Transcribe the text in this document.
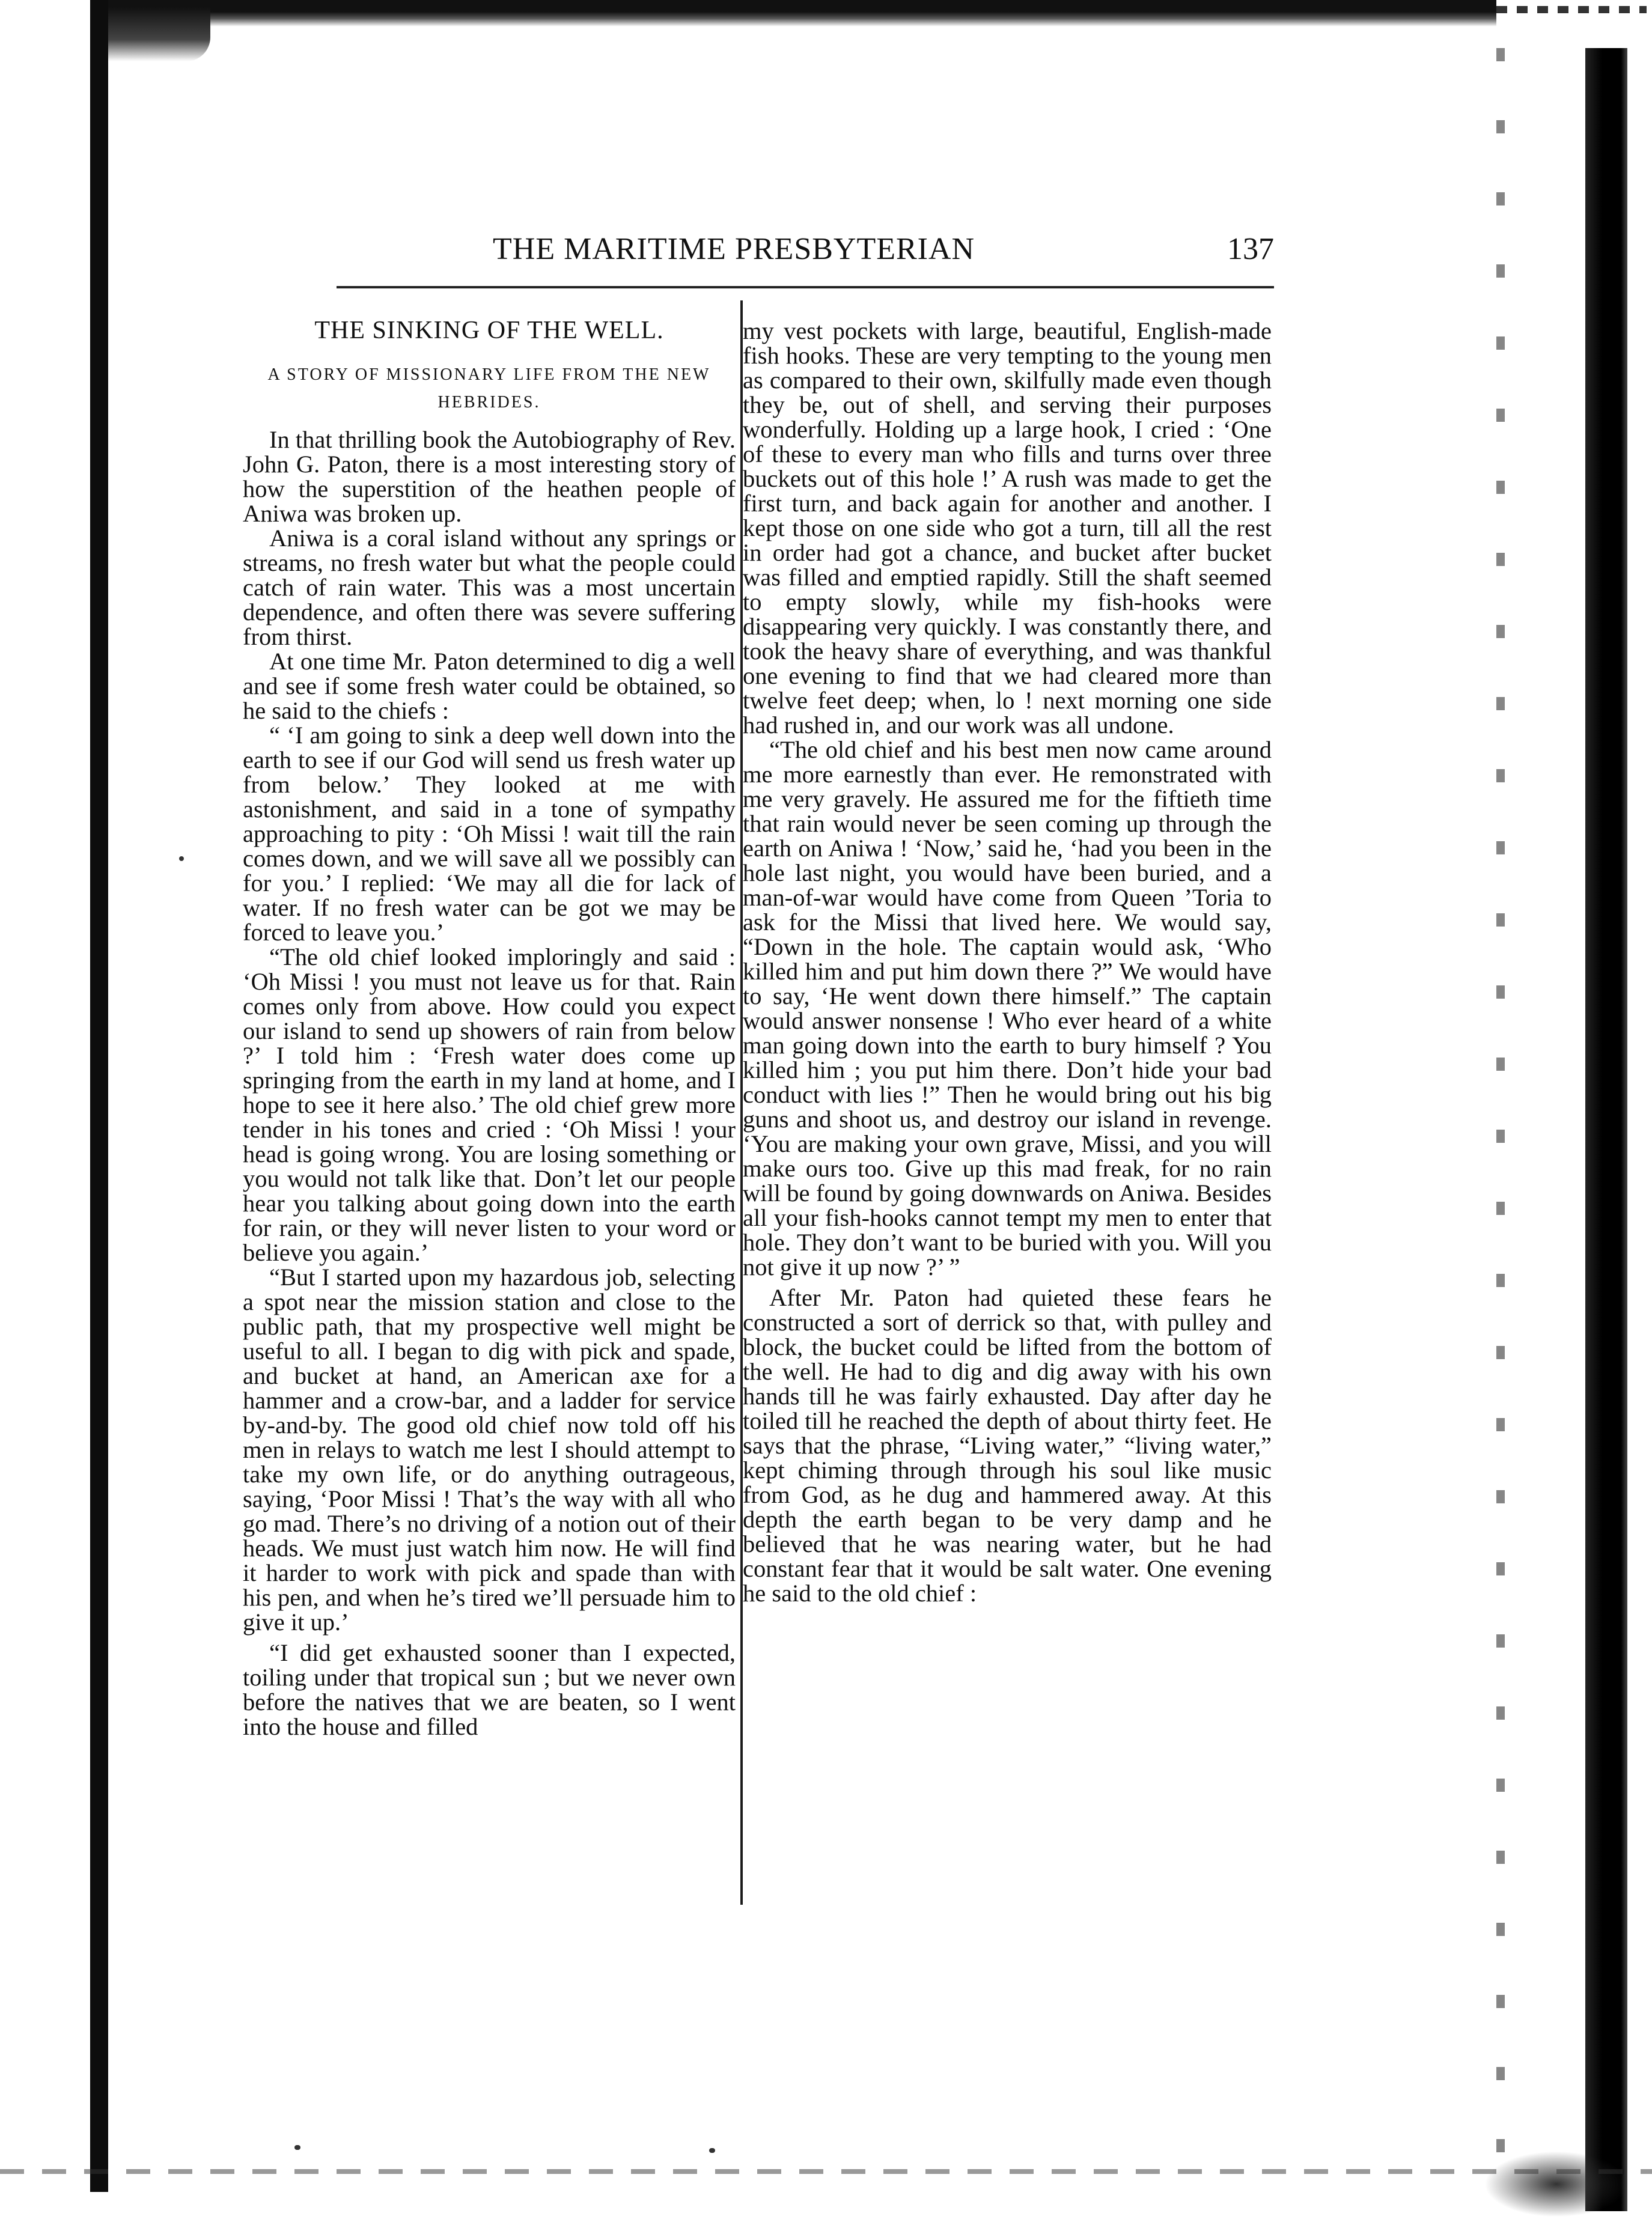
THE MARITIME PRESBYTERIAN	137

THE SINKING OF THE WELL.

A STORY OF MISSIONARY LIFE FROM THE NEW HEBRIDES.

In that thrilling book the Autobiography of Rev. John G. Paton, there is a most interesting story of how the superstition of the heathen people of Aniwa was broken up.

Aniwa is a coral island without any springs or streams, no fresh water but what the people could catch of rain water. This was a most uncertain dependence, and often there was severe suffering from thirst.

At one time Mr. Paton determined to dig a well and see if some fresh water could be obtained, so he said to the chiefs :

“ ‘I am going to sink a deep well down into the earth to see if our God will send us fresh water up from below.’ They looked at me with astonishment, and said in a tone of sympathy approaching to pity : ‘Oh Missi ! wait till the rain comes down, and we will save all we possibly can for you.’ I replied: ‘We may all die for lack of water. If no fresh water can be got we may be forced to leave you.’

“The old chief looked imploringly and said : ‘Oh Missi ! you must not leave us for that. Rain comes only from above. How could you expect our island to send up showers of rain from below ?’ I told him : ‘Fresh water does come up springing from the earth in my land at home, and I hope to see it here also.’ The old chief grew more tender in his tones and cried : ‘Oh Missi ! your head is going wrong. You are losing something or you would not talk like that. Don’t let our people hear you talking about going down into the earth for rain, or they will never listen to your word or believe you again.’

“But I started upon my hazardous job, selecting a spot near the mission station and close to the public path, that my prospective well might be useful to all. I began to dig with pick and spade, and bucket at hand, an American axe for a hammer and a crow-bar, and a ladder for service by-and-by. The good old chief now told off his men in relays to watch me lest I should attempt to take my own life, or do anything outrageous, saying, ‘Poor Missi ! That’s the way with all who go mad. There’s no driving of a notion out of their heads. We must just watch him now. He will find it harder to work with pick and spade than with his pen, and when he’s tired we’ll persuade him to give it up.’

“I did get exhausted sooner than I expected, toiling under that tropical sun ; but we never own before the natives that we are beaten, so I went into the house and filled

my vest pockets with large, beautiful, English-made fish hooks. These are very tempting to the young men as compared to their own, skilfully made even though they be, out of shell, and serving their purposes wonderfully. Holding up a large hook, I cried : ‘One of these to every man who fills and turns over three buckets out of this hole !’ A rush was made to get the first turn, and back again for another and another. I kept those on one side who got a turn, till all the rest in order had got a chance, and bucket after bucket was filled and emptied rapidly. Still the shaft seemed to empty slowly, while my fish-hooks were disappearing very quickly. I was constantly there, and took the heavy share of everything, and was thankful one evening to find that we had cleared more than twelve feet deep; when, lo ! next morning one side had rushed in, and our work was all undone.

“The old chief and his best men now came around me more earnestly than ever. He remonstrated with me very gravely. He assured me for the fiftieth time that rain would never be seen coming up through the earth on Aniwa ! ‘Now,’ said he, ‘had you been in the hole last night, you would have been buried, and a man-of-war would have come from Queen ’Toria to ask for the Missi that lived here. We would say, “Down in the hole. The captain would ask, ‘Who killed him and put him down there ?” We would have to say, ‘He went down there himself.” The captain would answer nonsense ! Who ever heard of a white man going down into the earth to bury himself ? You killed him ; you put him there. Don’t hide your bad conduct with lies !” Then he would bring out his big guns and shoot us, and destroy our island in revenge. ‘You are making your own grave, Missi, and you will make ours too. Give up this mad freak, for no rain will be found by going downwards on Aniwa. Besides all your fish-hooks cannot tempt my men to enter that hole. They don’t want to be buried with you. Will you not give it up now ?’ ”

After Mr. Paton had quieted these fears he constructed a sort of derrick so that, with pulley and block, the bucket could be lifted from the bottom of the well. He had to dig and dig away with his own hands till he was fairly exhausted. Day after day he toiled till he reached the depth of about thirty feet. He says that the phrase, “Living water,” “living water,” kept chiming through through his soul like music from God, as he dug and hammered away. At this depth the earth began to be very damp and he believed that he was nearing water, but he had constant fear that it would be salt water. One evening he said to the old chief :
